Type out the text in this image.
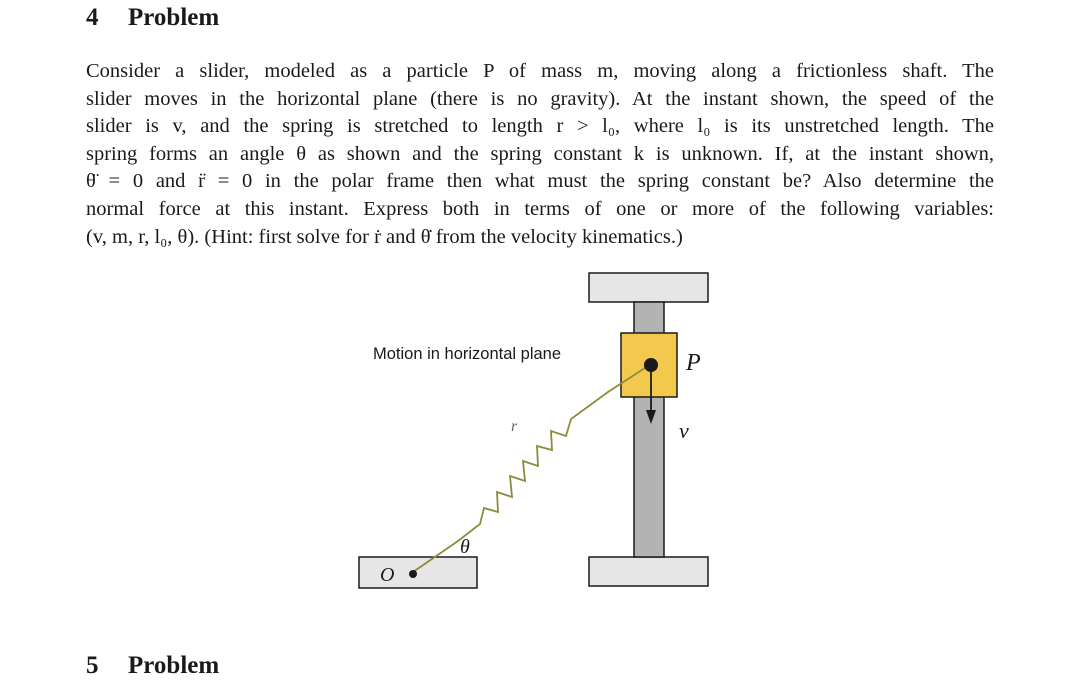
4 Problem
Consider a slider, modeled as a particle P of mass m, moving along a frictionless shaft. The
slider moves in the horizontal plane (there is no gravity). At the instant shown, the speed of the
slider is v, and the spring is stretched to length r > l₀, where l₀ is its unstretched length. The
spring forms an angle θ as shown and the spring constant k is unknown. If, at the instant shown,
θ̈ = 0 and r̈ = 0 in the polar frame then what must the spring constant be? Also determine the
normal force at this instant. Express both in terms of one or more of the following variables:
(v, m, r, l₀, θ). (Hint: first solve for ṙ and θ̇ from the velocity kinematics.)
Motion in horizontal plane	P
v
r
θ
O
5 Problem
